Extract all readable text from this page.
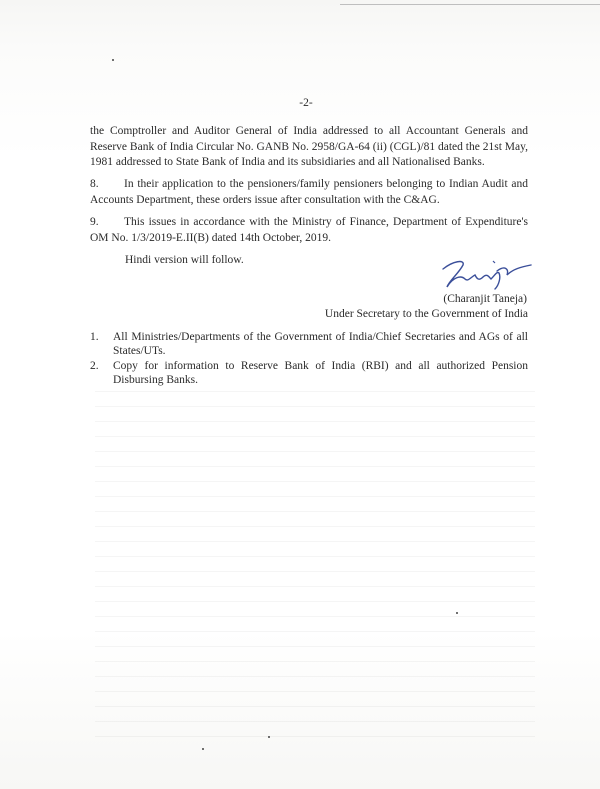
-2-
the Comptroller and Auditor General of India addressed to all Accountant Generals and Reserve Bank of India Circular No. GANB No. 2958/GA-64 (ii) (CGL)/81 dated the 21st May, 1981 addressed to State Bank of India and its subsidiaries and all Nationalised Banks.
8. In their application to the pensioners/family pensioners belonging to Indian Audit and Accounts Department, these orders issue after consultation with the C&AG.
9. This issues in accordance with the Ministry of Finance, Department of Expenditure's OM No. 1/3/2019-E.II(B) dated 14th October, 2019.
Hindi version will follow.
(Charanjit Taneja)
Under Secretary to the Government of India
1. All Ministries/Departments of the Government of India/Chief Secretaries and AGs of all States/UTs.
2. Copy for information to Reserve Bank of India (RBI) and all authorized Pension Disbursing Banks.
